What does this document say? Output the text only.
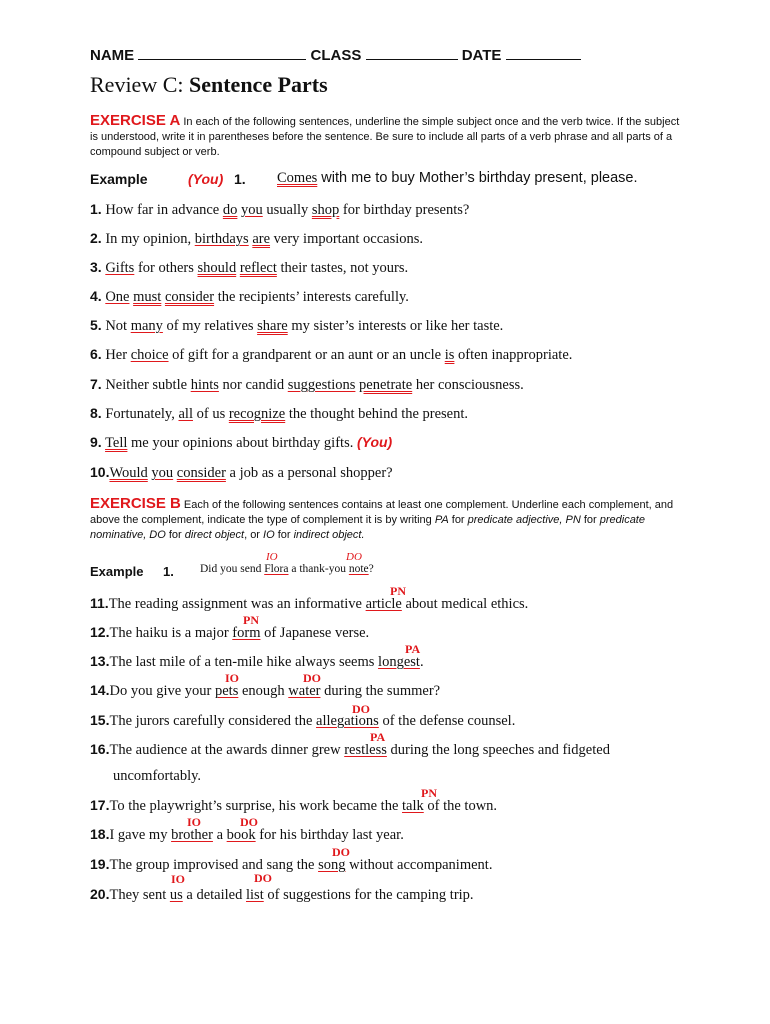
NAME	CLASS	DATE
Review C: Sentence Parts
EXERCISE A In each of the following sentences, underline the simple subject once and the verb twice. If the subject is understood, write it in parentheses before the sentence. Be sure to include all parts of a verb phrase and all parts of a compound subject or verb.
Example	(You) 1. Comes with me to buy Mother’s birthday present, please.
1. How far in advance do you usually shop for birthday presents?
2. In my opinion, birthdays are very important occasions.
3. Gifts for others should reflect their tastes, not yours.
4. One must consider the recipients’ interests carefully.
5. Not many of my relatives share my sister’s interests or like her taste.
6. Her choice of gift for a grandparent or an aunt or an uncle is often inappropriate.
7. Neither subtle hints nor candid suggestions penetrate her consciousness.
8. Fortunately, all of us recognize the thought behind the present.
9. Tell me your opinions about birthday gifts. (You)
10.Would you consider a job as a personal shopper?
EXERCISE B Each of the following sentences contains at least one complement. Underline each complement, and above the complement, indicate the type of complement it is by writing PA for predicate adjective, PN for predicate nominative, DO for direct object, or IO for indirect object.
Example 1.
IO	DO
Did you send Flora a thank-you note?
PN
11.The reading assignment was an informative article about medical ethics.
PN
12.The haiku is a major form of Japanese verse.
PA
13.The last mile of a ten-mile hike always seems longest.
IO	DO
14.Do you give your pets enough water during the summer?
DO
15.The jurors carefully considered the allegations of the defense counsel.
PA
16.The audience at the awards dinner grew restless during the long speeches and fidgeted
uncomfortably.
PN
17.To the playwright’s surprise, his work became the talk of the town.
IO	DO
18.I gave my brother a book for his birthday last year.
DO
19.The group improvised and sang the song without accompaniment.
IO	DO
20.They sent us a detailed list of suggestions for the camping trip.
